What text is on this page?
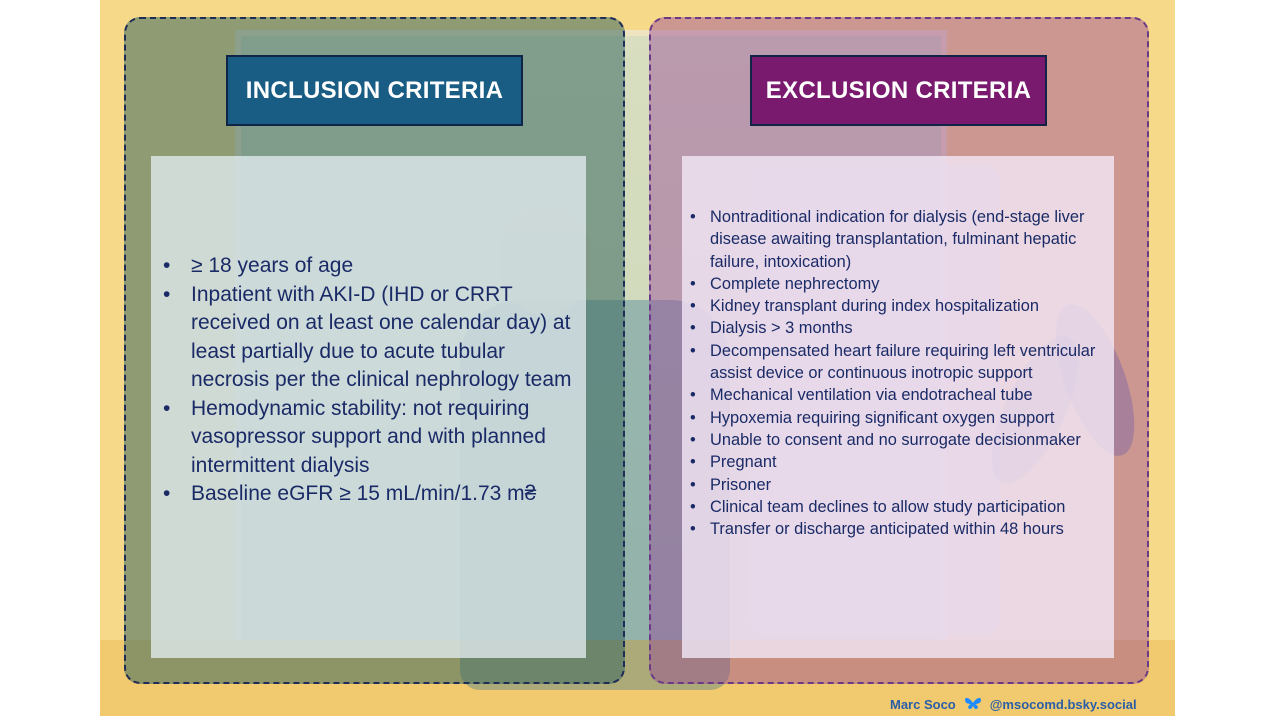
INCLUSION CRITERIA	EXCLUSION CRITERIA
• ≥ 18 years of age
• Inpatient with AKI-D (IHD or CRRT received on at least one calendar day) at least partially due to acute tubular necrosis per the clinical nephrology team
• Hemodynamic stability: not requiring vasopressor support and with planned intermittent dialysis
• Baseline eGFR ≥ 15 mL/min/1.73 m₴
• Nontraditional indication for dialysis (end-stage liver disease awaiting transplantation, fulminant hepatic failure, intoxication)
• Complete nephrectomy
• Kidney transplant during index hospitalization
• Dialysis > 3 months
• Decompensated heart failure requiring left ventricular assist device or continuous inotropic support
• Mechanical ventilation via endotracheal tube
• Hypoxemia requiring significant oxygen support
• Unable to consent and no surrogate decisionmaker
• Pregnant
• Prisoner
• Clinical team declines to allow study participation
• Transfer or discharge anticipated within 48 hours
Marc Soco	@msocomd.bsky.social
